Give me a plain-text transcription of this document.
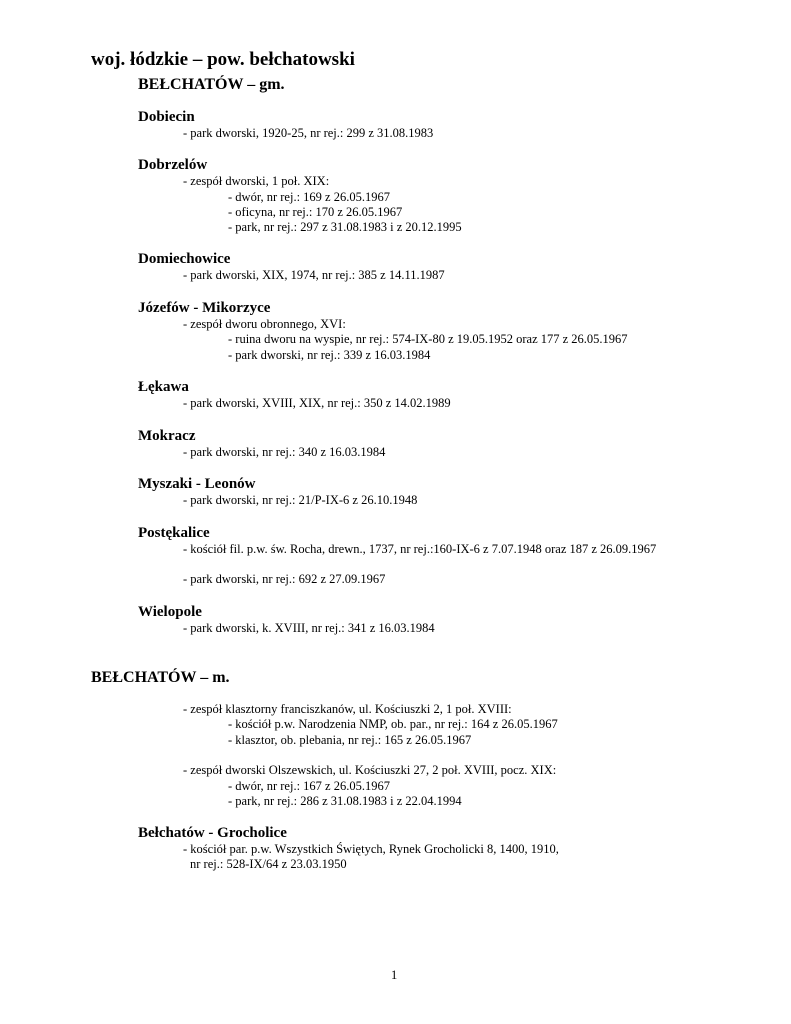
woj. łódzkie – pow. bełchatowski
BEŁCHATÓW – gm.
Dobiecin
- park dworski, 1920-25, nr rej.: 299 z 31.08.1983
Dobrzelów
- zespół dworski, 1 poł. XIX:
- dwór, nr rej.: 169 z 26.05.1967
- oficyna, nr rej.: 170 z 26.05.1967
- park, nr rej.: 297 z 31.08.1983 i z 20.12.1995
Domiechowice
- park dworski, XIX, 1974, nr rej.: 385 z 14.11.1987
Józefów - Mikorzyce
- zespół dworu obronnego, XVI:
- ruina dworu na wyspie, nr rej.: 574-IX-80 z 19.05.1952 oraz 177 z 26.05.1967
- park dworski, nr rej.: 339 z 16.03.1984
Łękawa
- park dworski, XVIII, XIX, nr rej.: 350 z 14.02.1989
Mokracz
- park dworski, nr rej.: 340 z 16.03.1984
Myszaki - Leonów
- park dworski, nr rej.: 21/P-IX-6 z 26.10.1948
Postękalice
- kościół fil. p.w. św. Rocha, drewn., 1737, nr rej.:160-IX-6 z 7.07.1948 oraz 187 z 26.09.1967
- park dworski, nr rej.: 692 z 27.09.1967
Wielopole
- park dworski, k. XVIII, nr rej.: 341 z 16.03.1984
BEŁCHATÓW – m.
- zespół klasztorny franciszkanów, ul. Kościuszki 2, 1 poł. XVIII:
- kościół p.w. Narodzenia NMP, ob. par., nr rej.: 164 z 26.05.1967
- klasztor, ob. plebania, nr rej.: 165 z 26.05.1967
- zespół dworski Olszewskich, ul. Kościuszki 27, 2 poł. XVIII, pocz. XIX:
- dwór, nr rej.: 167 z 26.05.1967
- park, nr rej.: 286 z 31.08.1983 i z 22.04.1994
Bełchatów - Grocholice
- kościół par. p.w. Wszystkich Świętych, Rynek Grocholicki 8, 1400, 1910,
nr rej.: 528-IX/64 z 23.03.1950
1
